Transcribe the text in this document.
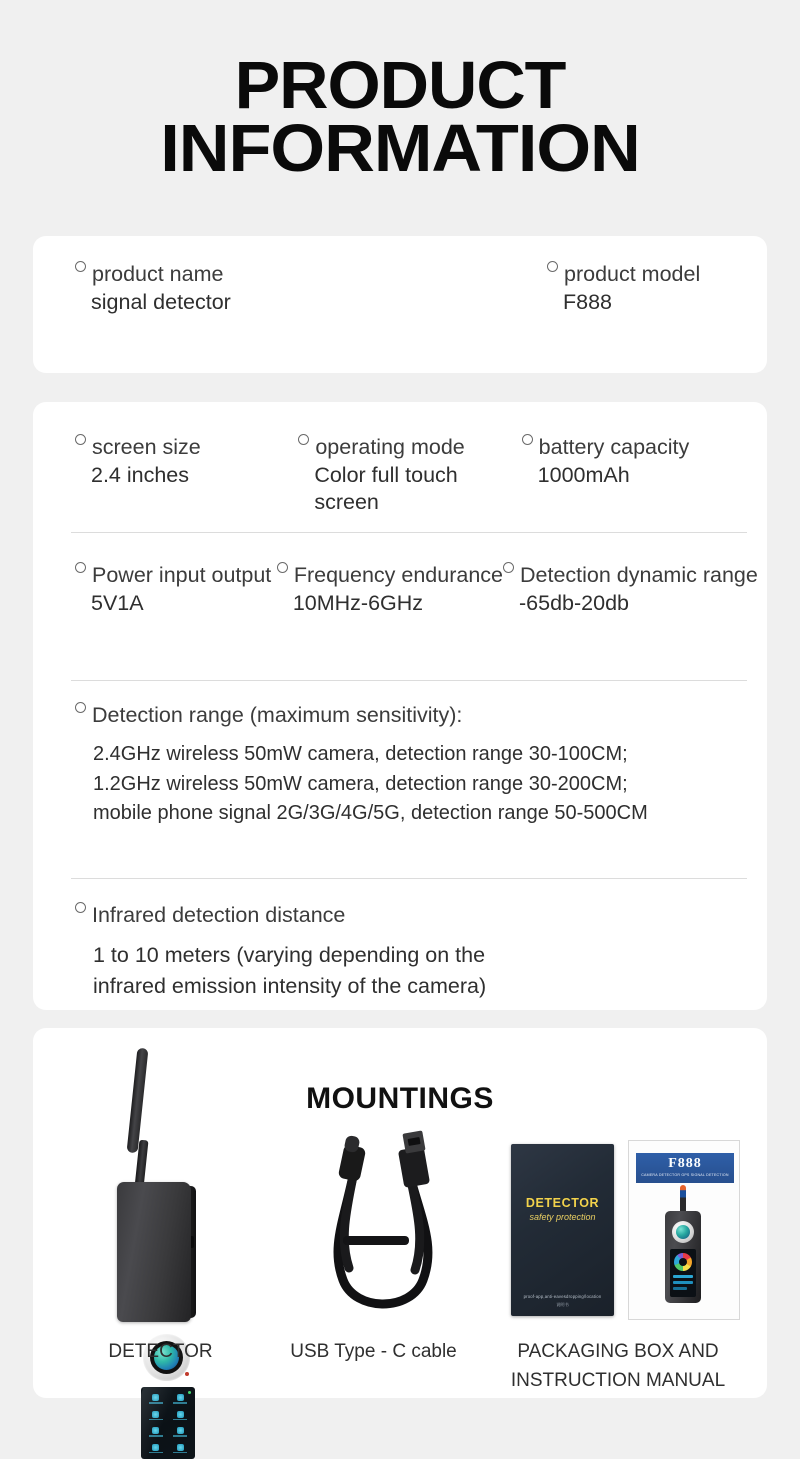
PRODUCT
INFORMATION
product name
signal detector
product model
F888
screen size
2.4 inches
operating mode
Color full touch screen
battery capacity
1000mAh
Power input output
5V1A
Frequency endurance
10MHz-6GHz
Detection dynamic range
-65db-20db
Detection range (maximum sensitivity):
2.4GHz wireless 50mW camera, detection range 30-100CM;
1.2GHz wireless 50mW camera, detection range 30-200CM;
mobile phone signal 2G/3G/4G/5G, detection range 50-500CM
Infrared detection distance
1 to 10 meters (varying depending on the
infrared emission intensity of the camera)
MOUNTINGS
DETECTOR
safety protection
proof-app,anti-eavesdropping/location
说明书
F888
CAMERA DETECTOR GPS SIGNAL DETECTION
DETECTOR	USB Type - C cable	PACKAGING BOX AND INSTRUCTION MANUAL
